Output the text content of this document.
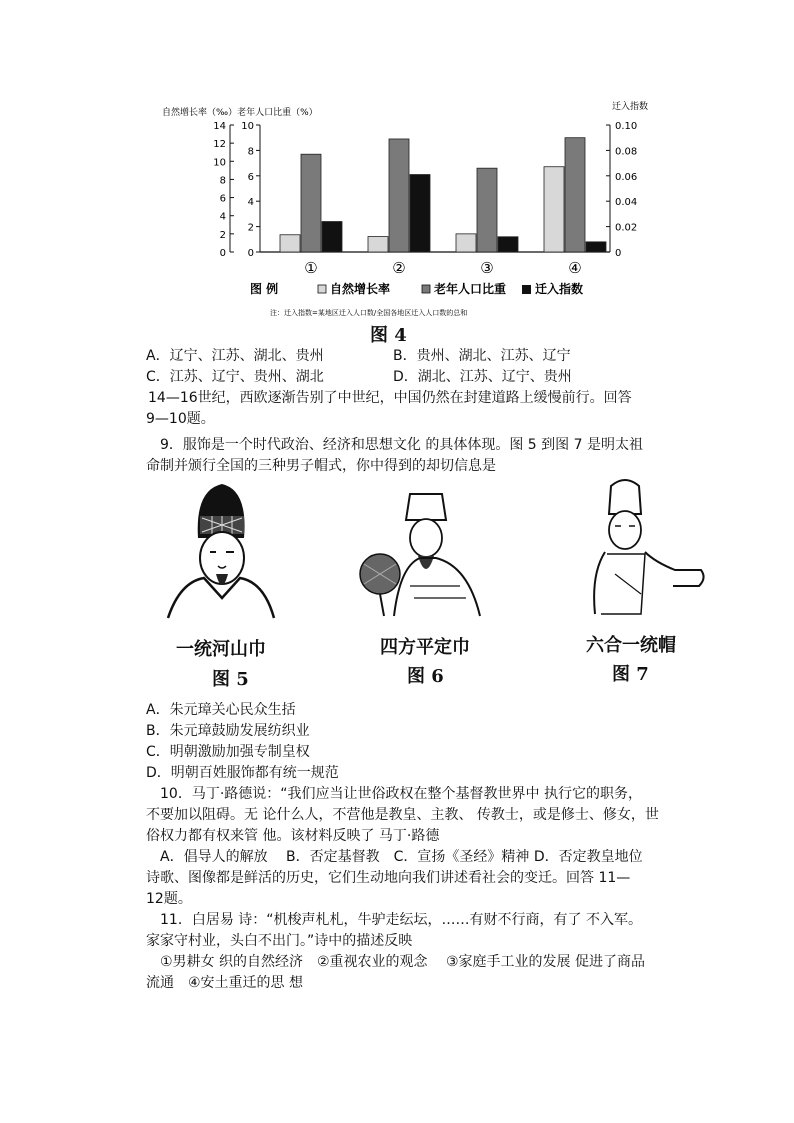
自然增长率（‰）老年人口比重（%）
迁入指数
0
2
4
6
8
10
12
14
0
2
4
6
8
10
0
0.02
0.04
0.06
0.08
0.10
①	②	③	④
图 例	自然增长率	老年人口比重 迁入指数
注：迁入指数=某地区迁入人口数/全国各地区迁入人口数的总和
图 4
A．辽宁、江苏、湖北、贵州	B．贵州、湖北、江苏、辽宁
C．江苏、辽宁、贵州、湖北	D．湖北、江苏、辽宁、贵州
14—16世纪，西欧逐渐告别了中世纪，中国仍然在封建道路上缓慢前行。回答
9—10题。
9．服饰是一个时代政治、经济和思想文化 的具体体现。图 5 到图 7 是明太祖
命制并颁行全国的三种男子帽式，你中得到的却切信息是
一统河山巾
图 5
四方平定巾
图 6
六合一统帽
图 7
A．朱元璋关心民众生括
B．朱元璋鼓励发展纺织业
C．明朝激励加强专制皇权
D．明朝百姓服饰都有统一规范
10．马丁·路德说：“我们应当让世俗政权在整个基督教世界中 执行它的职务，
不要加以阻碍。无 论什么人，不营他是教皇、主教、 传教士，或是修士、修女，世
俗权力都有权来管 他。该材料反映了 马丁·路德
A．倡导人的解放　 B．否定基督教　C．宣扬《圣经》精神 D．否定教皇地位
诗歌、图像都是鲜活的历史，它们生动地向我们讲述看社会的变迁。回答 11—
12题。
11．白居易 诗：“机梭声札札，牛驴走纭坛，……有财不行商，有了 不入军。
家家守村业，头白不出门。”诗中的描述反映
①男耕女 织的自然经济　②重视农业的观念　 ③家庭手工业的发展 促进了商品
流通　④安土重迁的思 想
